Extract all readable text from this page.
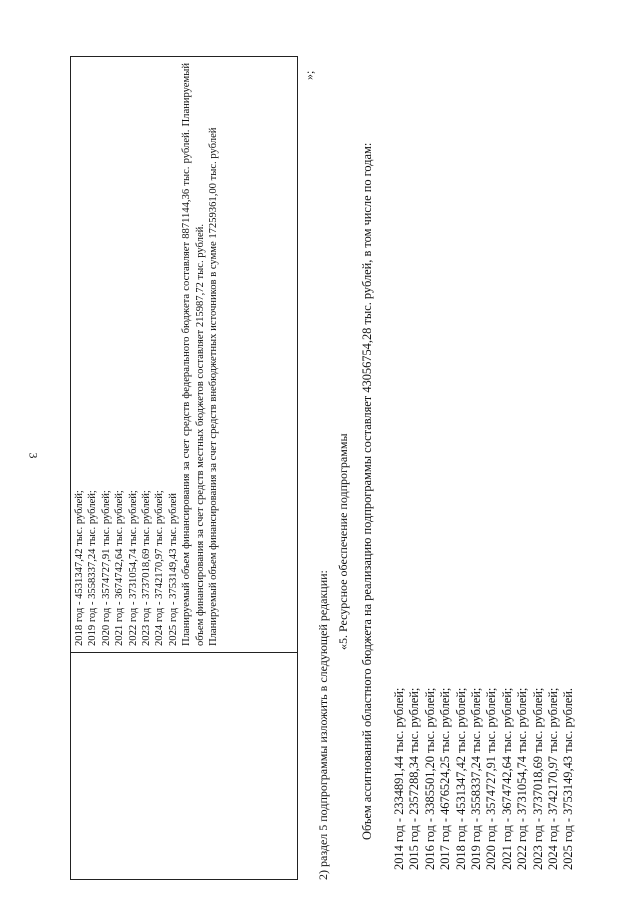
3
2018 год - 4531347,42 тыс. рублей; 2019 год - 3558337,24 тыс. рублей; 2020 год - 3574727,91 тыс. рублей; 2021 год - 3674742,64 тыс. рублей; 2022 год - 3731054,74 тыс. рублей; 2023 год - 3737018,69 тыс. рублей; 2024 год - 3742170,97 тыс. рублей; 2025 год - 3753149,43 тыс. рублей Планируемый объем финансирования за счет средств федерального бюджета составляет 8871144,36 тыс. рублей. Планируемый объем финансирования за счет средств местных бюджетов составляет 215987,72 тыс. рублей. Планируемый объем финансирования за счет средств внебюджетных источников в сумме 17259361,00 тыс. рублей
»;
2) раздел 5 подпрограммы изложить в следующей редакции:
«5. Ресурсное обеспечение подпрограммы Объем ассигнований областного бюджета на реализацию подпрограммы составляет 43056754,28 тыс. рублей, в том числе по годам: 2014 год - 2334891,44 тыс. рублей; 2015 год - 2357288,34 тыс. рублей; 2016 год - 3385501,20 тыс. рублей; 2017 год - 4676524,25 тыс. рублей; 2018 год - 4531347,42 тыс. рублей; 2019 год - 3558337,24 тыс. рублей; 2020 год - 3574727,91 тыс. рублей; 2021 год - 3674742,64 тыс. рублей; 2022 год - 3731054,74 тыс. рублей; 2023 год - 3737018,69 тыс. рублей; 2024 год - 3742170,97 тыс. рублей; 2025 год - 3753149,43 тыс. рублей.
